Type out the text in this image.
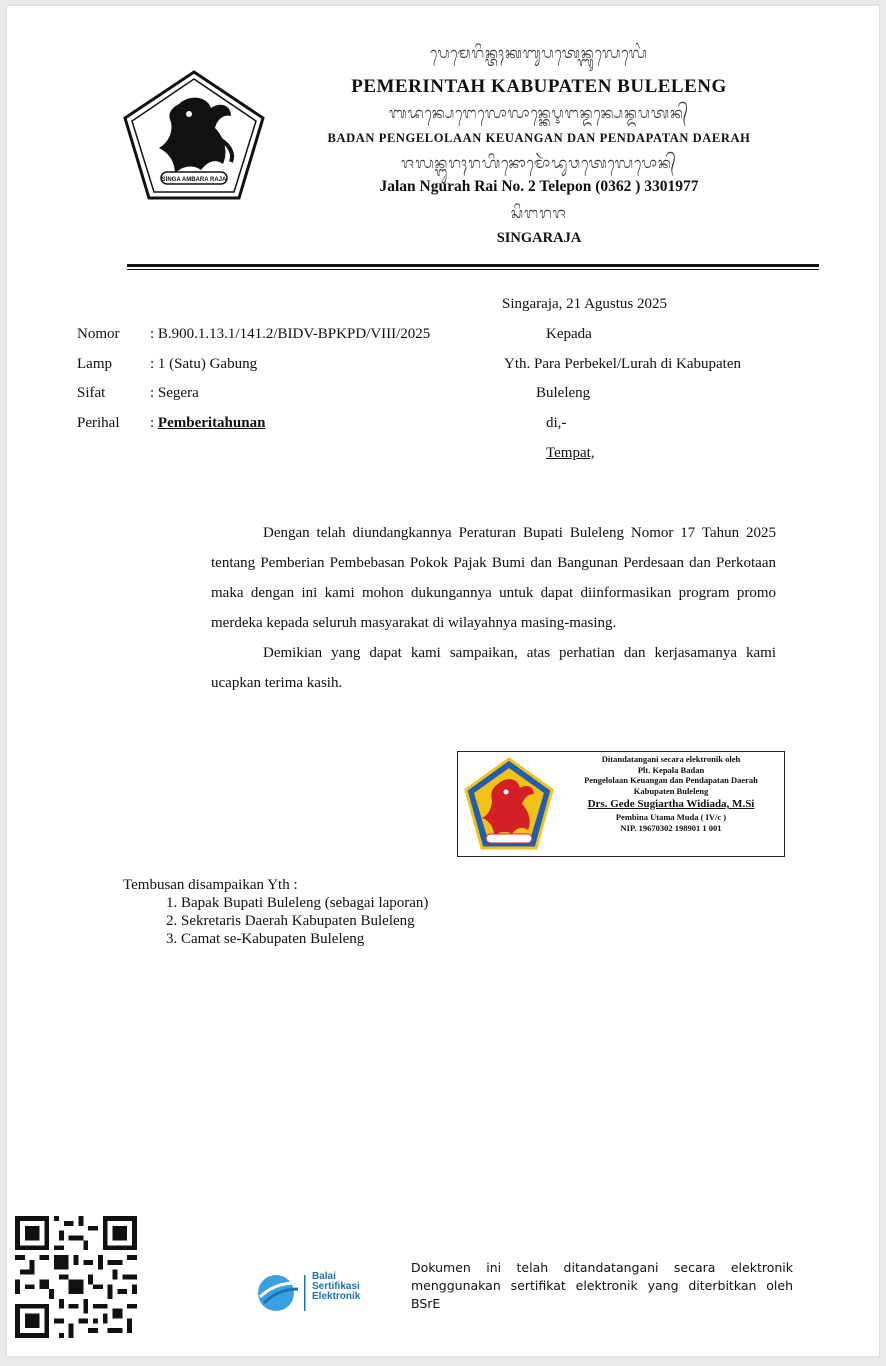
SINGA AMBARA RAJA
ᬧᬾᬫᬾᬭᬶᬦ᭄ᬢᬄᬓᬩᬸᬧᬢᬾᬦ᭄ᬩᬸᬮᬾᬮᬾᬂ
PEMERINTAH KABUPATEN BULELENG
ᬩᬤᬦ᭄ᬧᬾᬗᬾᬮᭀᬮᬵᬦ᭄ᬓᬾᬋᬗᬦ᭄ᬤᬦ᭄ᬧᬾᬦ᭄ᬤᬧᬢᬦ᭄
BADAN PENGELOLAAN KEUANGAN DAN PENDAPATAN DAERAH
ᬚᬮᬦ᭄ᬗᬸᬭᬄᬭᬳᬶᬦᭀᬫᭀᬃᬤᬸᬯᬢᬾᬮᬾᬧᭀᬦ᭄
Jalan Ngurah Rai No. 2 Telepon (0362 ) 3301977
ᬲᬶᬗᬭᬚ
SINGARAJA
Singaraja, 21 Agustus 2025
Nomor : B.900.1.13.1/141.2/BIDV-BPKPD/VIII/2025
Lamp	: 1 (Satu) Gabung
Sifat	: Segera
Perihal : Pemberitahunan
Kepada
Yth. Para Perbekel/Lurah di Kabupaten
Buleleng
di,-
Tempat,

Dengan telah diundangkannya Peraturan Bupati Buleleng Nomor 17 Tahun 2025 tentang Pemberian Pembebasan Pokok Pajak Bumi dan Bangunan Perdesaan dan Perkotaan maka dengan ini kami mohon dukungannya untuk dapat diinformasikan program promo merdeka kepada seluruh masyarakat di wilayahnya masing-masing.

Demikian yang dapat kami sampaikan, atas perhatian dan kerjasamanya kami ucapkan terima kasih.

Ditandatangani secara elektronik oleh
Plt. Kepala Badan
Pengelolaan Keuangan dan Pendapatan Daerah
Kabupaten Buleleng
Drs. Gede Sugiartha Widiada, M.Si
Pembina Utama Muda ( IV/c )
NIP. 19670302 198901 1 001
Tembusan disampaikan Yth :
1. Bapak Bupati Buleleng (sebagai laporan)
2. Sekretaris Daerah Kabupaten Buleleng
3. Camat se-Kabupaten Buleleng
Balai
Sertifikasi
Elektronik
Dokumen ini telah ditandatangani secara elektronik menggunakan sertifikat elektronik yang diterbitkan oleh BSrE
